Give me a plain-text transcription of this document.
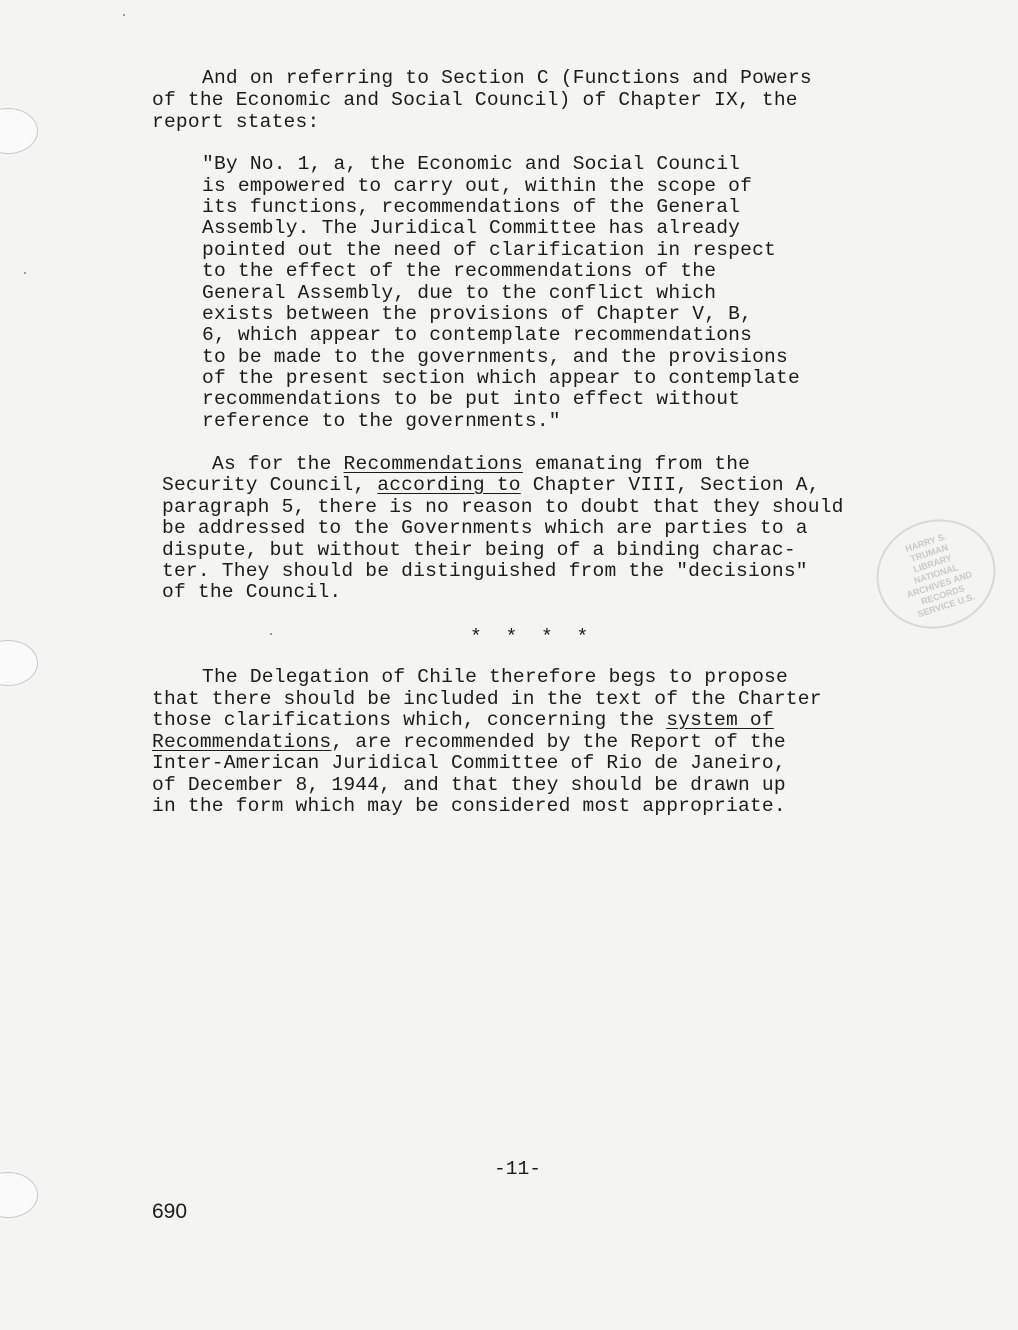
And on referring to Section C (Functions and Powers
of the Economic and Social Council) of Chapter IX, the
report states:
"By No. 1, a, the Economic and Social Council
is empowered to carry out, within the scope of
its functions, recommendations of the General
Assembly. The Juridical Committee has already
pointed out the need of clarification in respect
to the effect of the recommendations of the
General Assembly, due to the conflict which
exists between the provisions of Chapter V, B,
6, which appear to contemplate recommendations
to be made to the governments, and the provisions
of the present section which appear to contemplate
recommendations to be put into effect without
reference to the governments."
As for the Recommendations emanating from the
Security Council, according to Chapter VIII, Section A,
paragraph 5, there is no reason to doubt that they should
be addressed to the Governments which are parties to a
dispute, but without their being of a binding charac-
ter. They should be distinguished from the "decisions"
of the Council.
* * * *
The Delegation of Chile therefore begs to propose
that there should be included in the text of the Charter
those clarifications which, concerning the system of
Recommendations, are recommended by the Report of the
Inter-American Juridical Committee of Rio de Janeiro,
of December 8, 1944, and that they should be drawn up
in the form which may be considered most appropriate.
HARRY S. TRUMAN LIBRARY NATIONAL ARCHIVES AND RECORDS SERVICE U.S.
-11-
690
